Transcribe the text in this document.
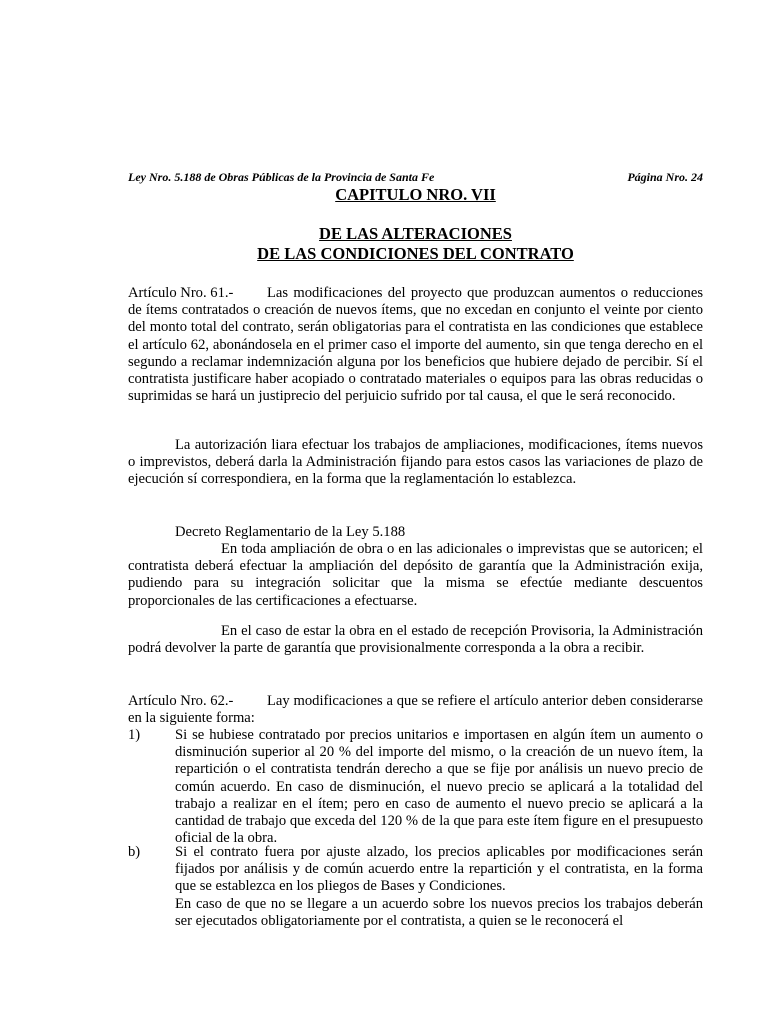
Ley Nro. 5.188 de Obras Públicas de la Provincia de Santa Fe	Página Nro. 24
CAPITULO NRO. VII
DE LAS ALTERACIONES
DE LAS CONDICIONES DEL CONTRATO

Artículo Nro. 61.- Las modificaciones del proyecto que produzcan aumentos o reducciones de ítems contratados o creación de nuevos ítems, que no excedan en conjunto el veinte por ciento del monto total del contrato, serán obligatorias para el contratista en las condiciones que establece el artículo 62, abonándosela en el primer caso el importe del aumento, sin que tenga derecho en el segundo a reclamar indemnización alguna por los beneficios que hubiere dejado de percibir. Sí el contratista justificare haber acopiado o contratado materiales o equipos para las obras reducidas o suprimidas se hará un justiprecio del perjuicio sufrido por tal causa, el que le será reconocido.

La autorización liara efectuar los trabajos de ampliaciones, modificaciones, ítems nuevos o imprevistos, deberá darla la Administración fijando para estos casos las variaciones de plazo de ejecución sí correspondiera, en la forma que la reglamentación lo establezca.

Decreto Reglamentario de la Ley 5.188

En toda ampliación de obra o en las adicionales o imprevistas que se autoricen; el contratista deberá efectuar la ampliación del depósito de garantía que la Administración exija, pudiendo para su integración solicitar que la misma se efectúe mediante descuentos proporcionales de las certificaciones a efectuarse.

En el caso de estar la obra en el estado de recepción Provisoria, la Administración podrá devolver la parte de garantía que provisionalmente corresponda a la obra a recibir.

Artículo Nro. 62.- Lay modificaciones a que se refiere el artículo anterior deben considerarse en la siguiente forma:

1)	Si se hubiese contratado por precios unitarios e importasen en algún ítem un aumento o disminución superior al 20 % del importe del mismo, o la creación de un nuevo ítem, la repartición o el contratista tendrán derecho a que se fije por análisis un nuevo precio de común acuerdo. En caso de disminución, el nuevo precio se aplicará a la totalidad del trabajo a realizar en el ítem; pero en caso de aumento el nuevo precio se aplicará a la cantidad de trabajo que exceda del 120 % de la que para este ítem figure en el presupuesto oficial de la obra.
b)	Si el contrato fuera por ajuste alzado, los precios aplicables por modificaciones serán fijados por análisis y de común acuerdo entre la repartición y el contratista, en la forma que se establezca en los pliegos de Bases y Condiciones.
En caso de que no se llegare a un acuerdo sobre los nuevos precios los trabajos deberán ser ejecutados obligatoriamente por el contratista, a quien se le reconocerá el
